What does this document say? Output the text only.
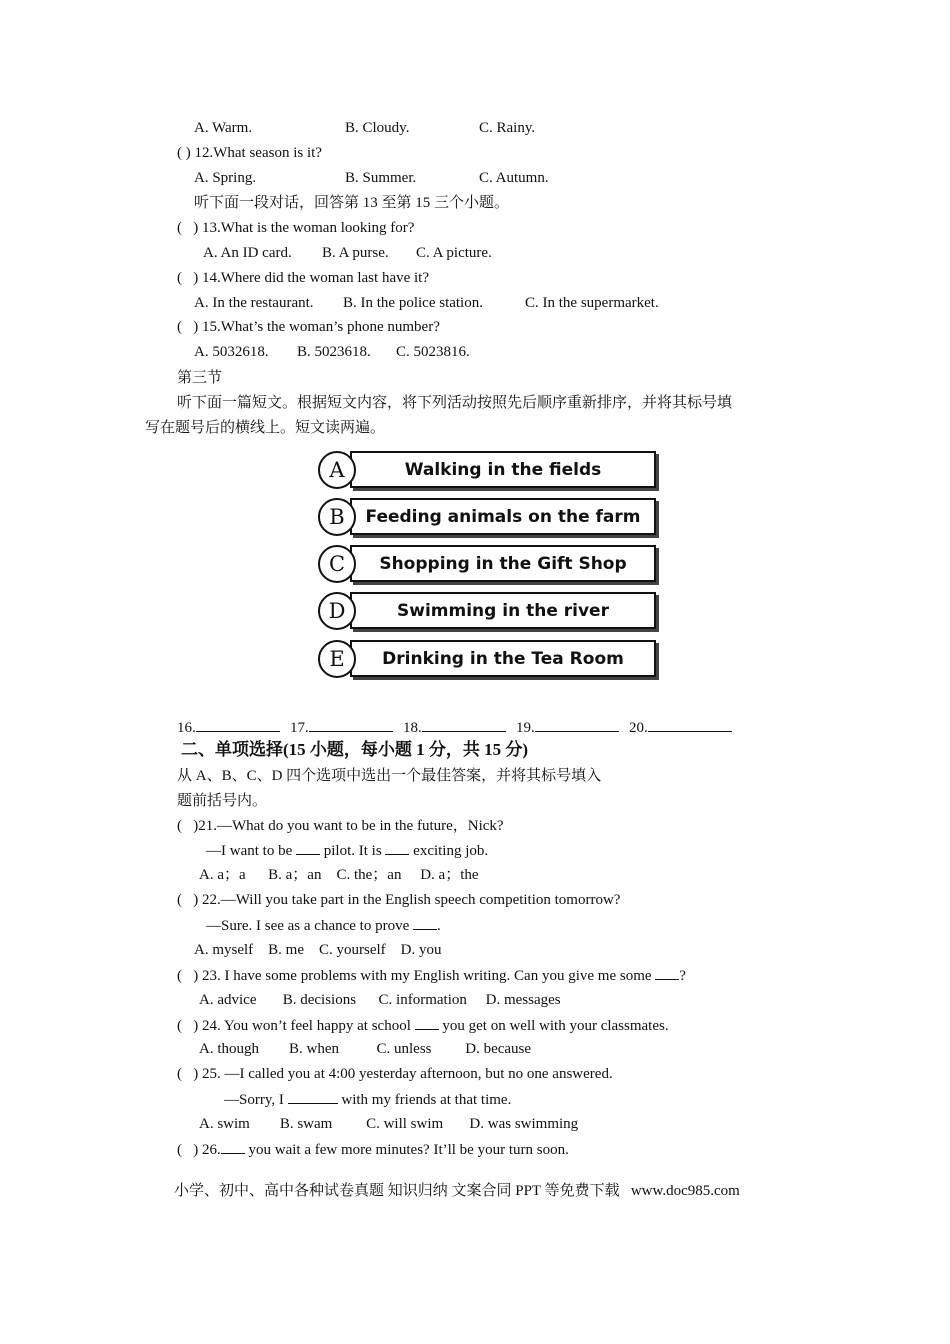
A. Warm.	B. Cloudy.	C. Rainy.
( ) 12.What season is it?
A. Spring.	B. Summer.	C. Autumn.
听下面一段对话，回答第 13 至第 15 三个小题。
(   ) 13.What is the woman looking for?
A. An ID card. B. A purse. C. A picture.
(   ) 14.Where did the woman last have it?
A. In the restaurant. B. In the police station.	C. In the supermarket.
(   ) 15.What’s the woman’s phone number?
A. 5032618. B. 5023618. C. 5023816.
第三节
听下面一篇短文。根据短文内容，将下列活动按照先后顺序重新排序，并将其标号填
写在题号后的横线上。短文读两遍。
A	Walking in the fields
B	Feeding animals on the farm
C	Shopping in the Gift Shop
D	Swimming in the river
E	Drinking in the Tea Room
16.	17.	18.	19.	20.
二、单项选择(15 小题，每小题 1 分，共 15 分)
从 A、B、C、D 四个选项中选出一个最佳答案，并将其标号填入
题前括号内。
(   )21.—What do you want to be in the future，Nick?
—I want to be  pilot. It is  exciting job.
A. a；a      B. a；an    C. the；an     D. a；the
(   ) 22.—Will you take part in the English speech competition tomorrow?
—Sure. I see as a chance to prove .
A. myself    B. me    C. yourself    D. you
(   ) 23. I have some problems with my English writing. Can you give me some ?
A. advice       B. decisions      C. information     D. messages
(   ) 24. You won’t feel happy at school  you get on well with your classmates.
A. though        B. when          C. unless         D. because
(   ) 25. —I called you at 4:00 yesterday afternoon, but no one answered.
—Sorry, I	with my friends at that time.
A. swim        B. swam         C. will swim       D. was swimming
(   ) 26. you wait a few more minutes? It’ll be your turn soon.
小学、初中、高中各种试卷真题 知识归纳 文案合同 PPT 等免费下载   www.doc985.com
